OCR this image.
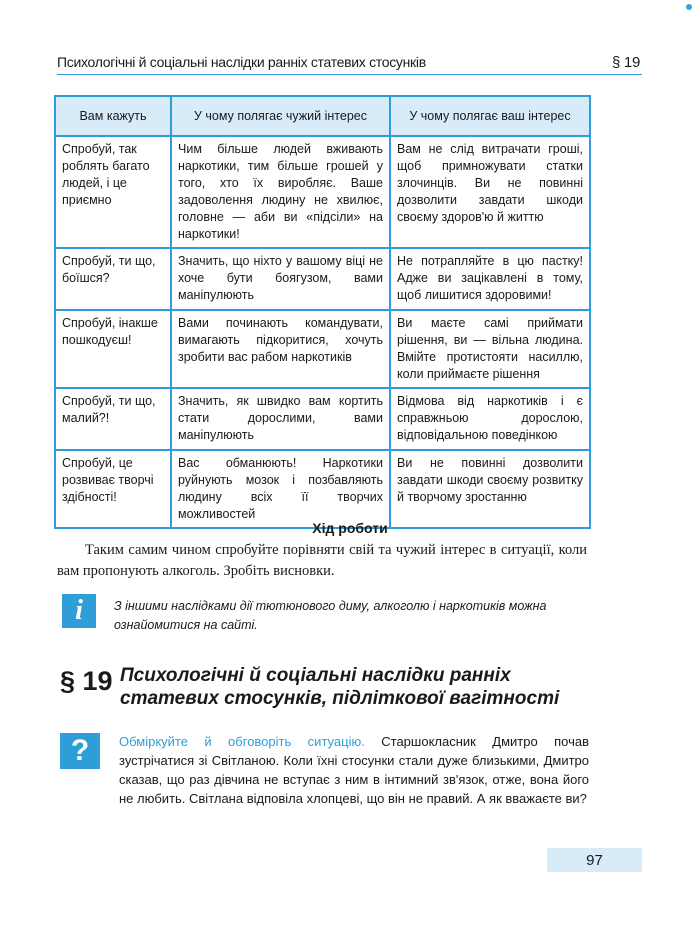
Психологічні й соціальні наслідки ранніх статевих стосунків	§ 19
Вам кажуть	У чому полягає чужий інтерес	У чому полягає ваш інтерес
Спробуй, так роблять багато людей, і це приємно	Чим більше людей вживають наркотики, тим більше грошей у того, хто їх виробляє. Ваше задоволення людину не хвилює, головне — аби ви «підсіли» на наркотики!	Вам не слід витрачати гроші, щоб примножувати статки злочинців. Ви не повинні дозволити завдати шкоди своєму здоров'ю й життю
Спробуй, ти що, боїшся?	Значить, що ніхто у вашому віці не хоче бути боягузом, вами маніпулюють	Не потрапляйте в цю пастку! Адже ви зацікавлені в тому, щоб лишитися здоровими!
Спробуй, інакше пошкодуєш!	Вами починають командувати, вимагають підкоритися, хочуть зробити вас рабом наркотиків	Ви маєте самі приймати рішення, ви — вільна людина. Вмійте протистояти насиллю, коли приймаєте рішення
Спробуй, ти що, малий?!	Значить, як швидко вам кортить стати дорослими, вами маніпулюють	Відмова від наркотиків і є справжньою дорослою, відповідальною поведінкою
Спробуй, це розвиває творчі здібності!	Вас обманюють! Наркотики руйнують мозок і позбавляють людину всіх її творчих можливостей	Ви не повинні дозволити завдати шкоди своєму розвитку й творчому зростанню
Хід роботи
Таким самим чином спробуйте порівняти свій та чужий інтерес в ситуації, коли вам пропонують алкоголь. Зробіть висновки.
i	З іншими наслідками дії тютюнового диму, алкоголю і наркотиків можна ознайомитися на сайті.
§ 19 Психологічні й соціальні наслідки ранніх статевих стосунків, підліткової вагітності
?	Обміркуйте й обговоріть ситуацію. Старшокласник Дмитро почав зустрічатися зі Світланою. Коли їхні стосунки стали дуже близькими, Дмитро сказав, що раз дівчина не вступає з ним в інтимний зв'язок, отже, вона його не любить. Світлана відповіла хлопцеві, що він не правий. А як вважаєте ви?
97
